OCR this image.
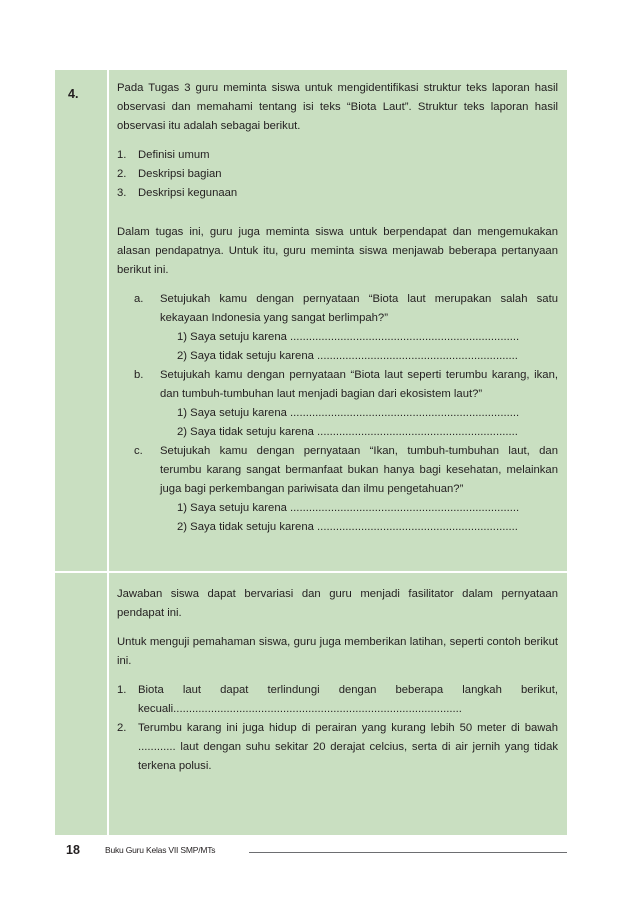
4.	Pada Tugas 3 guru meminta siswa untuk mengidentifikasi struktur teks laporan hasil observasi dan memahami tentang isi teks “Biota Laut”. Struktur teks laporan hasil observasi itu adalah sebagai berikut.

1.	Definisi umum
2.	Deskripsi bagian
3.	Deskripsi kegunaan

Dalam tugas ini, guru juga meminta siswa untuk berpendapat dan mengemukakan alasan pendapatnya. Untuk itu, guru meminta siswa menjawab beberapa pertanyaan berikut ini.

a.	Setujukah kamu dengan pernyataan “Biota laut merupakan salah satu kekayaan Indonesia yang sangat berlimpah?”
1) Saya setuju karena .........................................................................
2) Saya tidak setuju karena ................................................................
b.	Setujukah kamu dengan pernyataan “Biota laut seperti terumbu karang, ikan, dan tumbuh-tumbuhan laut menjadi bagian dari ekosistem laut?”
1) Saya setuju karena .........................................................................
2) Saya tidak setuju karena ................................................................
c.	Setujukah kamu dengan pernyataan “Ikan, tumbuh-tumbuhan laut, dan terumbu karang sangat bermanfaat bukan hanya bagi kesehatan, melainkan juga bagi perkembangan pariwisata dan ilmu pengetahuan?”
1) Saya setuju karena .........................................................................
2) Saya tidak setuju karena ................................................................

Jawaban siswa dapat bervariasi dan guru menjadi fasilitator dalam pernyataan pendapat ini.

Untuk menguji pemahaman siswa, guru juga memberikan latihan, seperti contoh berikut ini.

1.	Biota laut dapat terlindungi dengan beberapa langkah berikut, kecuali............................................................................................
2.	Terumbu karang ini juga hidup di perairan yang kurang lebih 50 meter di bawah ............ laut dengan suhu sekitar 20 derajat celcius, serta di air jernih yang tidak terkena polusi.
18	Buku Guru Kelas VII SMP/MTs
